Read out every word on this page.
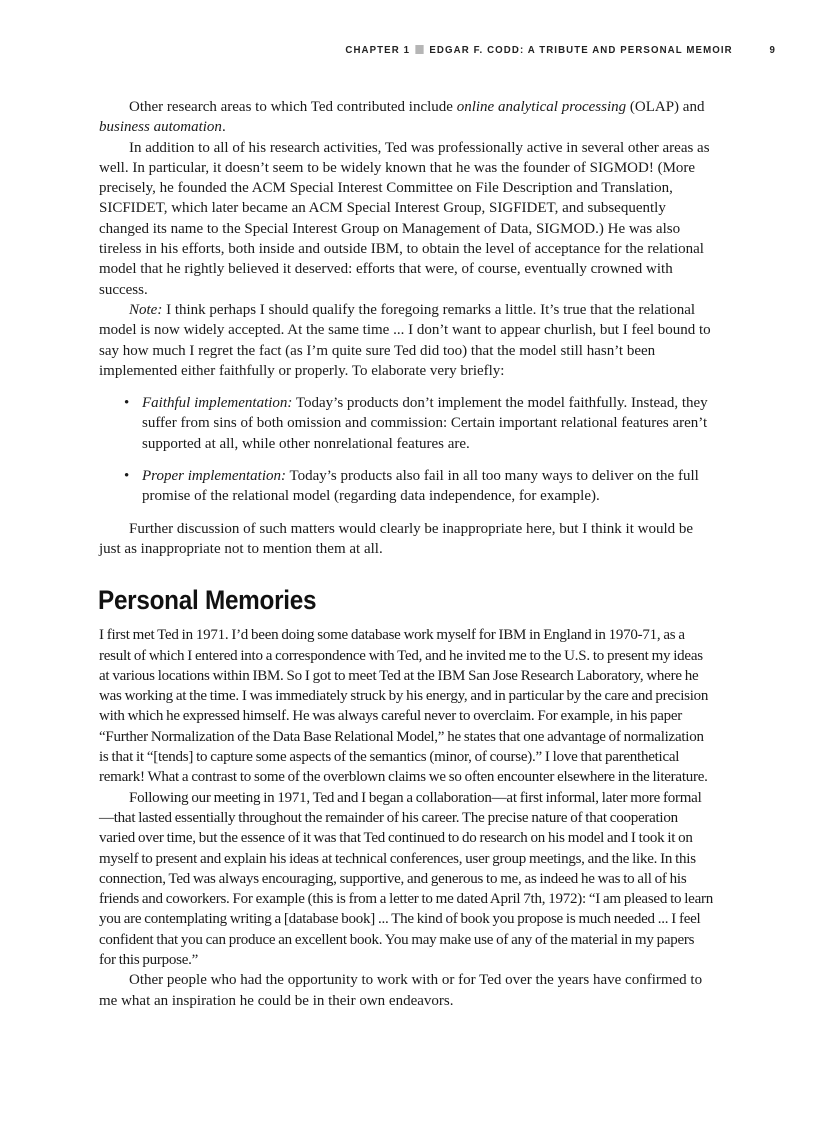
CHAPTER 1 EDGAR F. CODD: A TRIBUTE AND PERSONAL MEMOIR	9

Other research areas to which Ted contributed include online analytical processing (OLAP) and business automation.

In addition to all of his research activities, Ted was professionally active in several other areas as well. In particular, it doesn’t seem to be widely known that he was the founder of SIGMOD! (More precisely, he founded the ACM Special Interest Committee on File Description and Translation, SICFIDET, which later became an ACM Special Interest Group, SIGFIDET, and subsequently changed its name to the Special Interest Group on Management of Data, SIGMOD.) He was also tireless in his efforts, both inside and outside IBM, to obtain the level of acceptance for the relational model that he rightly believed it deserved: efforts that were, of course, eventually crowned with success.

Note: I think perhaps I should qualify the foregoing remarks a little. It’s true that the relational model is now widely accepted. At the same time ... I don’t want to appear churlish, but I feel bound to say how much I regret the fact (as I’m quite sure Ted did too) that the model still hasn’t been implemented either faithfully or properly. To elaborate very briefly:

• Faithful implementation: Today’s products don’t implement the model faithfully. Instead, they suffer from sins of both omission and commission: Certain important relational features aren’t supported at all, while other nonrelational features are.
• Proper implementation: Today’s products also fail in all too many ways to deliver on the full promise of the relational model (regarding data independence, for example).

Further discussion of such matters would clearly be inappropriate here, but I think it would be just as inappropriate not to mention them at all.

Personal Memories

I first met Ted in 1971. I’d been doing some database work myself for IBM in England in 1970-71, as a result of which I entered into a correspondence with Ted, and he invited me to the U.S. to present my ideas at various locations within IBM. So I got to meet Ted at the IBM San Jose Research Laboratory, where he was working at the time. I was immediately struck by his energy, and in particular by the care and precision with which he expressed himself. He was always careful never to overclaim. For example, in his paper “Further Normalization of the Data Base Relational Model,” he states that one advantage of normalization is that it “[tends] to capture some aspects of the semantics (minor, of course).” I love that parenthetical remark! What a contrast to some of the overblown claims we so often encounter elsewhere in the literature.

Following our meeting in 1971, Ted and I began a collaboration—at first informal, later more formal—that lasted essentially throughout the remainder of his career. The precise nature of that cooperation varied over time, but the essence of it was that Ted continued to do research on his model and I took it on myself to present and explain his ideas at technical conferences, user group meetings, and the like. In this connection, Ted was always encouraging, supportive, and generous to me, as indeed he was to all of his friends and coworkers. For example (this is from a letter to me dated April 7th, 1972): “I am pleased to learn you are contemplating writing a [database book] ... The kind of book you propose is much needed ... I feel confident that you can produce an excellent book. You may make use of any of the material in my papers for this purpose.”

Other people who had the opportunity to work with or for Ted over the years have confirmed to me what an inspiration he could be in their own endeavors.
